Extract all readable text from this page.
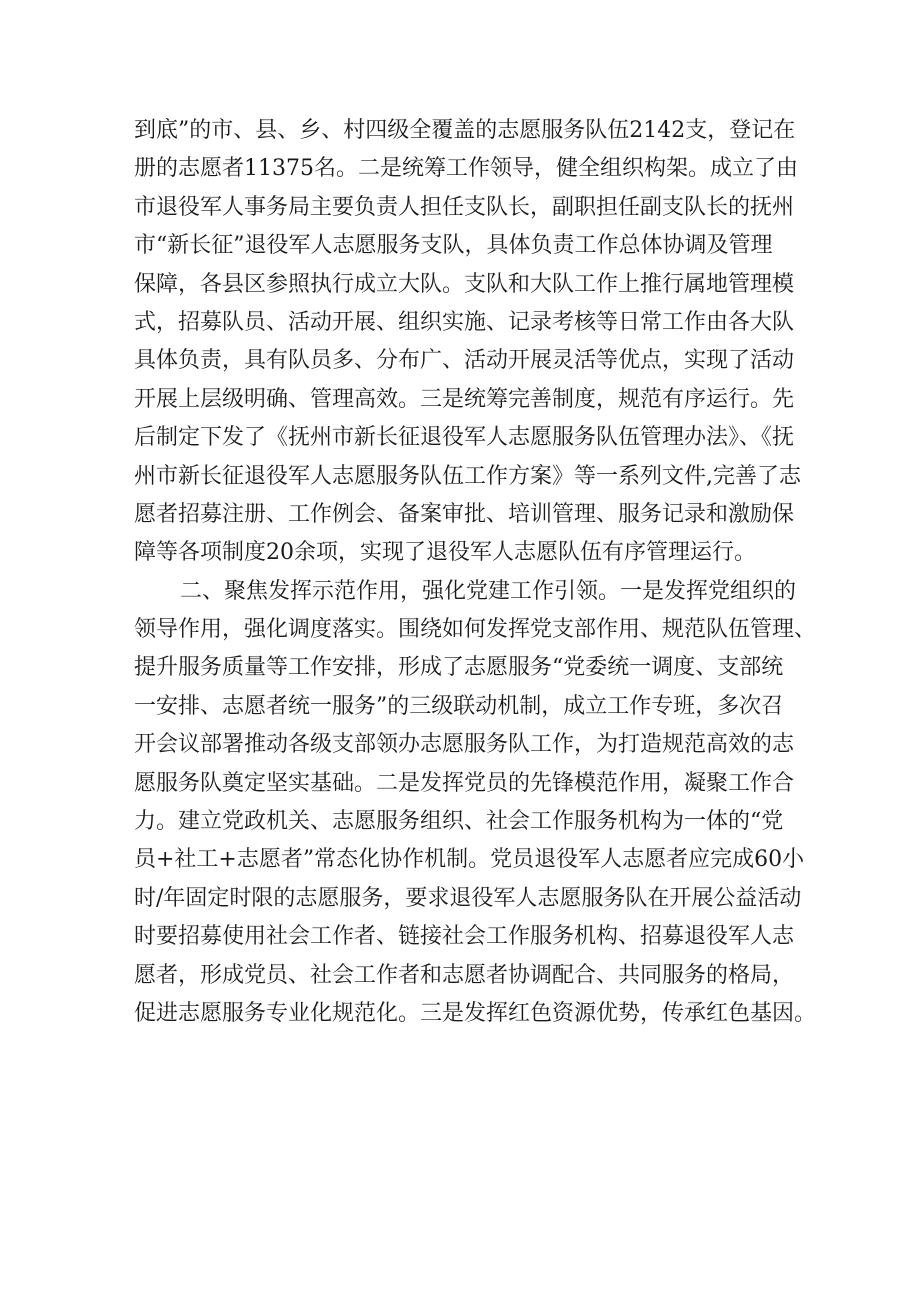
到底”的市、县、乡、村四级全覆盖的志愿服务队伍2142支，登记在
册的志愿者11375名。二是统筹工作领导，健全组织构架。成立了由
市退役军人事务局主要负责人担任支队长，副职担任副支队长的抚州
市“新长征”退役军人志愿服务支队，具体负责工作总体协调及管理
保障，各县区参照执行成立大队。支队和大队工作上推行属地管理模
式，招募队员、活动开展、组织实施、记录考核等日常工作由各大队
具体负责，具有队员多、分布广、活动开展灵活等优点，实现了活动
开展上层级明确、管理高效。三是统筹完善制度，规范有序运行。先
后制定下发了《抚州市新长征退役军人志愿服务队伍管理办法》、《抚
州市新长征退役军人志愿服务队伍工作方案》等一系列文件,完善了志
愿者招募注册、工作例会、备案审批、培训管理、服务记录和激励保
障等各项制度20余项，实现了退役军人志愿队伍有序管理运行。
二、聚焦发挥示范作用，强化党建工作引领。一是发挥党组织的
领导作用，强化调度落实。围绕如何发挥党支部作用、规范队伍管理、
提升服务质量等工作安排，形成了志愿服务“党委统一调度、支部统
一安排、志愿者统一服务”的三级联动机制，成立工作专班，多次召
开会议部署推动各级支部领办志愿服务队工作，为打造规范高效的志
愿服务队奠定坚实基础。二是发挥党员的先锋模范作用，凝聚工作合
力。建立党政机关、志愿服务组织、社会工作服务机构为一体的“党
员+社工+志愿者”常态化协作机制。党员退役军人志愿者应完成60小
时/年固定时限的志愿服务，要求退役军人志愿服务队在开展公益活动
时要招募使用社会工作者、链接社会工作服务机构、招募退役军人志
愿者，形成党员、社会工作者和志愿者协调配合、共同服务的格局，
促进志愿服务专业化规范化。三是发挥红色资源优势，传承红色基因。
